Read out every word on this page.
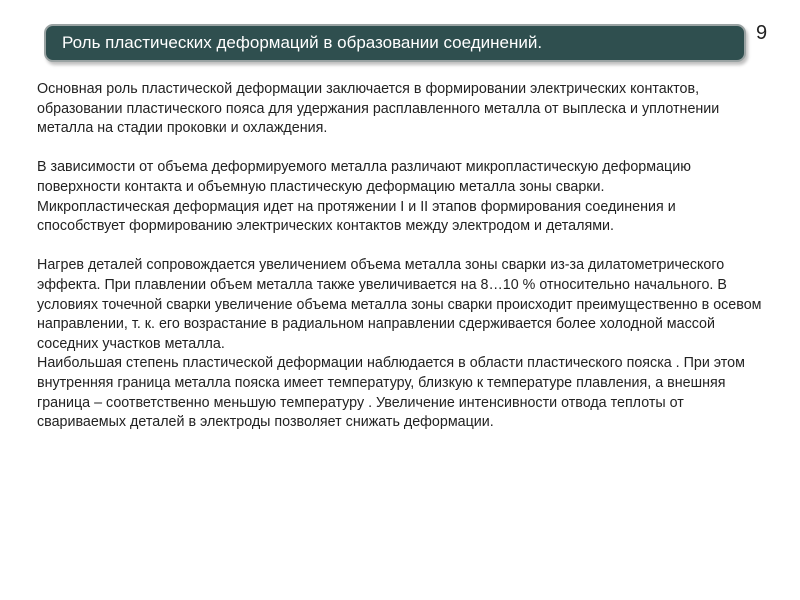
Роль пластических деформаций в образовании соединений.	9

Основная роль пластической деформации заключается в формировании электрических контактов, образовании пластического пояса для удержания расплавленного металла от выплеска и уплотнении металла на стадии проковки и охлаждения.

В зависимости от объема деформируемого металла различают микропластическую деформацию поверхности контакта и объемную пластическую деформацию металла зоны сварки.

Микропластическая деформация идет на протяжении I и II этапов формирования соединения и способствует формированию электрических контактов между электродом и деталями.

Нагрев деталей сопровождается увеличением объема металла зоны сварки из-за дилатометрического эффекта. При плавлении объем металла также увеличивается на 8…10 % относительно начального. В условиях точечной сварки увеличение объема металла зоны сварки происходит преимущественно в осевом направлении, т. к. его возрастание в радиальном направлении сдерживается более холодной массой соседних участков металла.

Наибольшая степень пластической деформации наблюдается в области пластического пояска . При этом внутренняя граница металла пояска имеет температуру, близкую к температуре плавления, а внешняя граница – соответственно меньшую температуру . Увеличение интенсивности отвода теплоты от свариваемых деталей в электроды позволяет снижать деформации.
